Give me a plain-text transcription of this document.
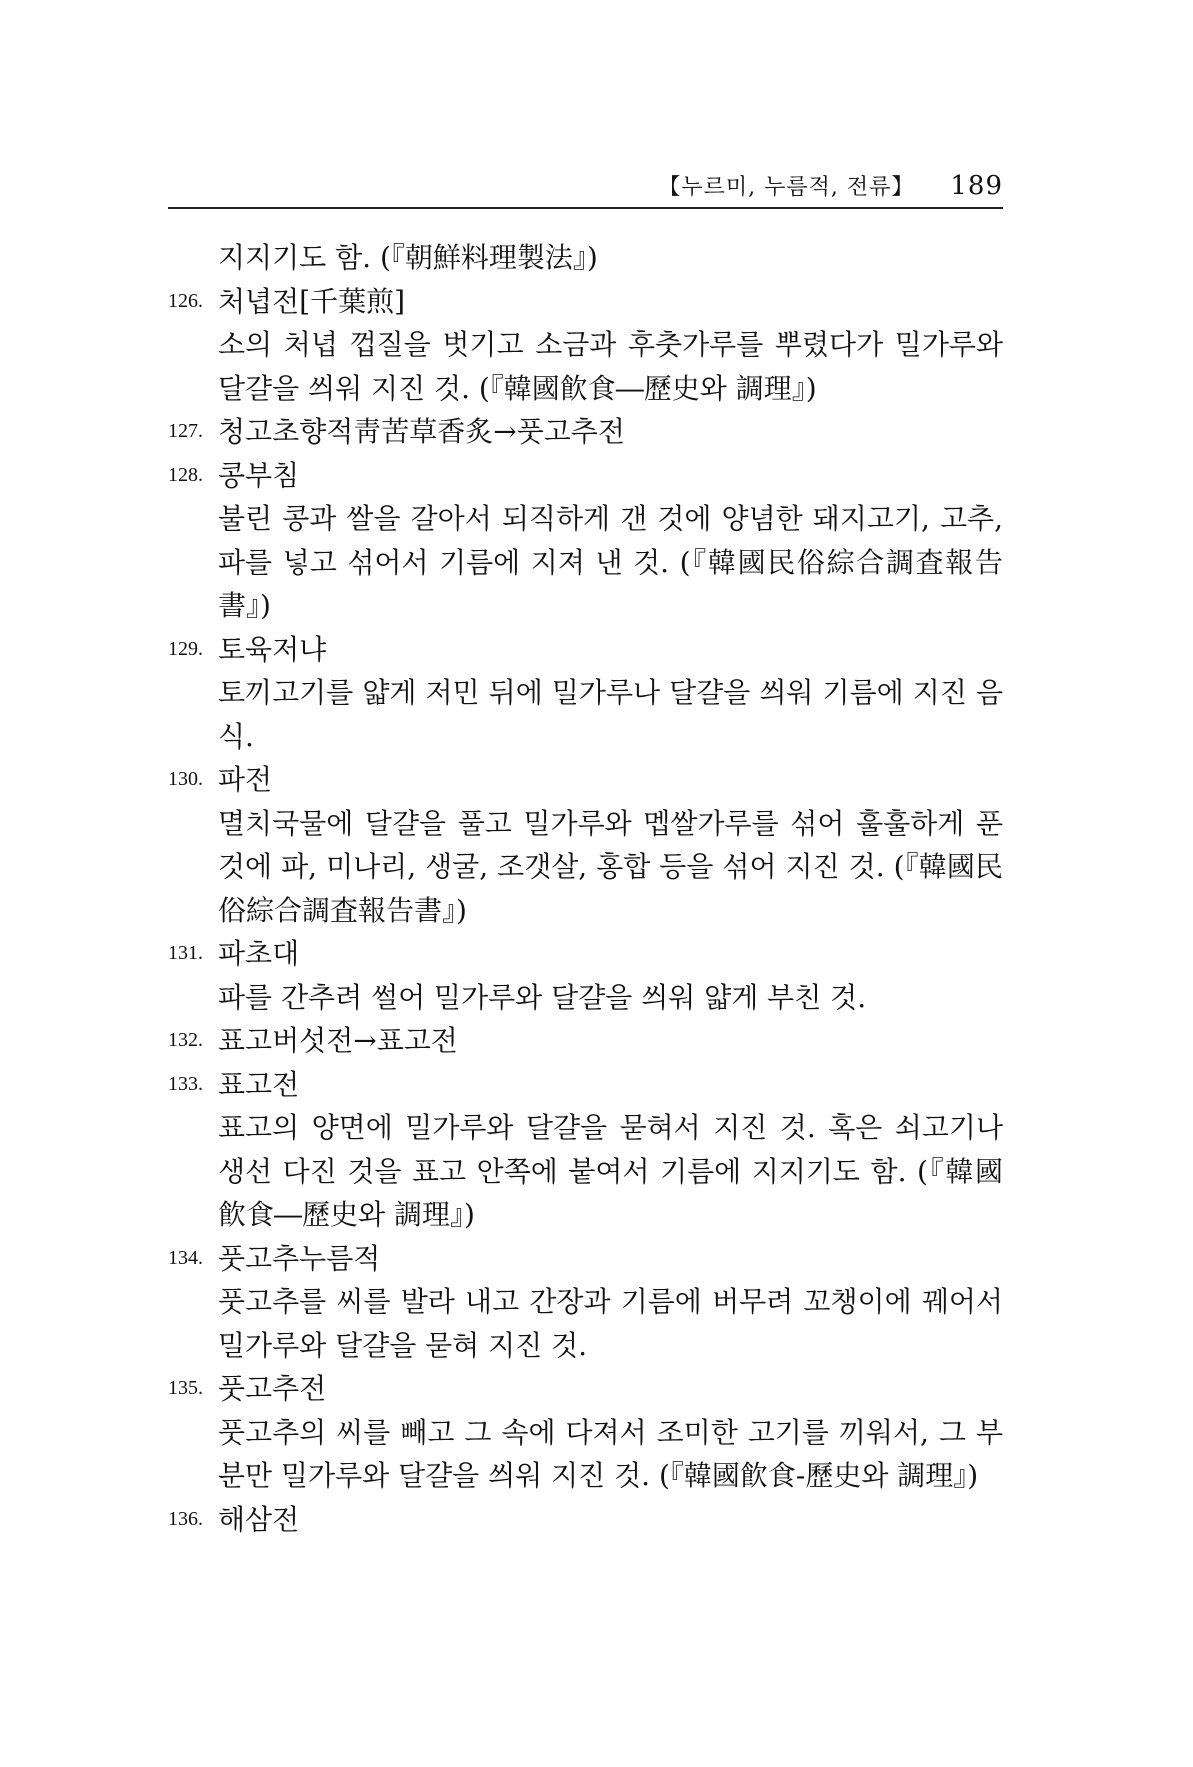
【누르미, 누름적, 전류】 189
지지기도 함. (『朝鮮料理製法』)
126. 처녑전[千葉煎]
소의 처녑 껍질을 벗기고 소금과 후춧가루를 뿌렸다가 밀가루와 달걀을 씌워 지진 것. (『韓國飮食―歷史와 調理』)
127. 청고초향적靑苦草香炙→풋고추전
128. 콩부침
불린 콩과 쌀을 갈아서 되직하게 갠 것에 양념한 돼지고기, 고추, 파를 넣고 섞어서 기름에 지져 낸 것. (『韓國民俗綜合調査報告書』)
129. 토육저냐
토끼고기를 얇게 저민 뒤에 밀가루나 달걀을 씌워 기름에 지진 음식.
130. 파전
멸치국물에 달걀을 풀고 밀가루와 멥쌀가루를 섞어 훌훌하게 푼 것에 파, 미나리, 생굴, 조갯살, 홍합 등을 섞어 지진 것. (『韓國民俗綜合調査報告書』)
131. 파초대
파를 간추려 썰어 밀가루와 달걀을 씌워 얇게 부친 것.
132. 표고버섯전→표고전
133. 표고전
표고의 양면에 밀가루와 달걀을 묻혀서 지진 것. 혹은 쇠고기나 생선 다진 것을 표고 안쪽에 붙여서 기름에 지지기도 함. (『韓國飮食―歷史와 調理』)
134. 풋고추누름적
풋고추를 씨를 발라 내고 간장과 기름에 버무려 꼬챙이에 꿰어서 밀가루와 달걀을 묻혀 지진 것.
135. 풋고추전
풋고추의 씨를 빼고 그 속에 다져서 조미한 고기를 끼워서, 그 부분만 밀가루와 달걀을 씌워 지진 것. (『韓國飮食-歷史와 調理』)
136. 해삼전
